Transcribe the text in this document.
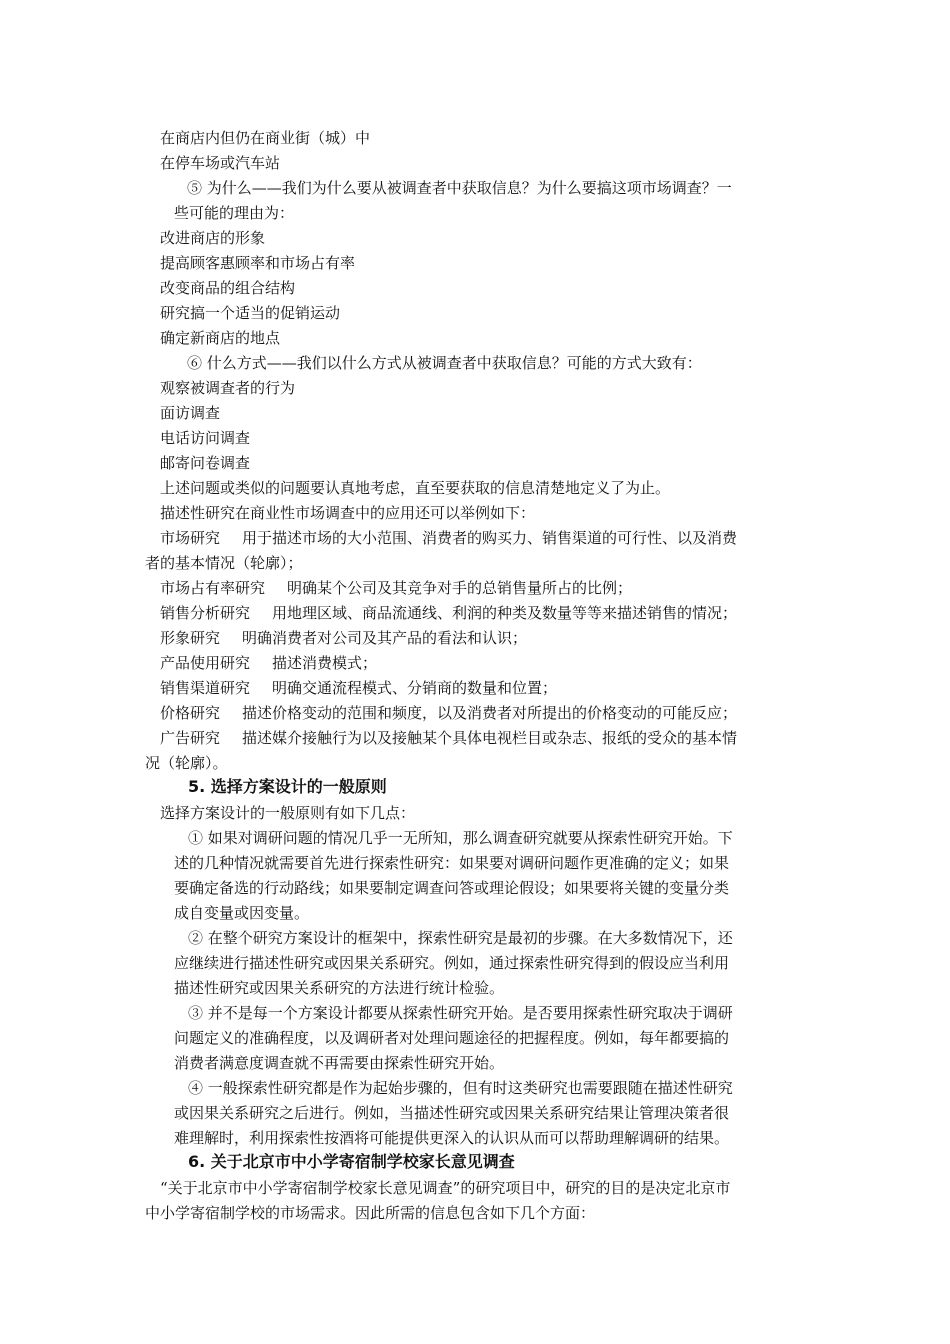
在商店内但仍在商业街（城）中
在停车场或汽车站
⑤ 为什么——我们为什么要从被调查者中获取信息？为什么要搞这项市场调查？一
些可能的理由为：
改进商店的形象
提高顾客惠顾率和市场占有率
改变商品的组合结构
研究搞一个适当的促销运动
确定新商店的地点
⑥ 什么方式——我们以什么方式从被调查者中获取信息？可能的方式大致有：
观察被调查者的行为
面访调查
电话访问调查
邮寄问卷调查
上述问题或类似的问题要认真地考虑，直至要获取的信息清楚地定义了为止。
描述性研究在商业性市场调查中的应用还可以举例如下：
市场研究 用于描述市场的大小范围、消费者的购买力、销售渠道的可行性、以及消费
者的基本情况（轮廓）；
市场占有率研究 明确某个公司及其竞争对手的总销售量所占的比例；
销售分析研究 用地理区域、商品流通线、利润的种类及数量等等来描述销售的情况；
形象研究 明确消费者对公司及其产品的看法和认识；
产品使用研究 描述消费模式；
销售渠道研究 明确交通流程模式、分销商的数量和位置；
价格研究 描述价格变动的范围和频度，以及消费者对所提出的价格变动的可能反应；
广告研究 描述媒介接触行为以及接触某个具体电视栏目或杂志、报纸的受众的基本情
况（轮廓）。
5. 选择方案设计的一般原则
选择方案设计的一般原则有如下几点：
① 如果对调研问题的情况几乎一无所知，那么调查研究就要从探索性研究开始。下
述的几种情况就需要首先进行探索性研究：如果要对调研问题作更准确的定义；如果
要确定备选的行动路线；如果要制定调查问答或理论假设；如果要将关键的变量分类
成自变量或因变量。
② 在整个研究方案设计的框架中，探索性研究是最初的步骤。在大多数情况下，还
应继续进行描述性研究或因果关系研究。例如，通过探索性研究得到的假设应当利用
描述性研究或因果关系研究的方法进行统计检验。
③ 并不是每一个方案设计都要从探索性研究开始。是否要用探索性研究取决于调研
问题定义的准确程度，以及调研者对处理问题途径的把握程度。例如，每年都要搞的
消费者满意度调查就不再需要由探索性研究开始。
④ 一般探索性研究都是作为起始步骤的，但有时这类研究也需要跟随在描述性研究
或因果关系研究之后进行。例如，当描述性研究或因果关系研究结果让管理决策者很
难理解时，利用探索性按酒将可能提供更深入的认识从而可以帮助理解调研的结果。
6. 关于北京市中小学寄宿制学校家长意见调查
“关于北京市中小学寄宿制学校家长意见调查”的研究项目中，研究的目的是决定北京市
中小学寄宿制学校的市场需求。因此所需的信息包含如下几个方面：
